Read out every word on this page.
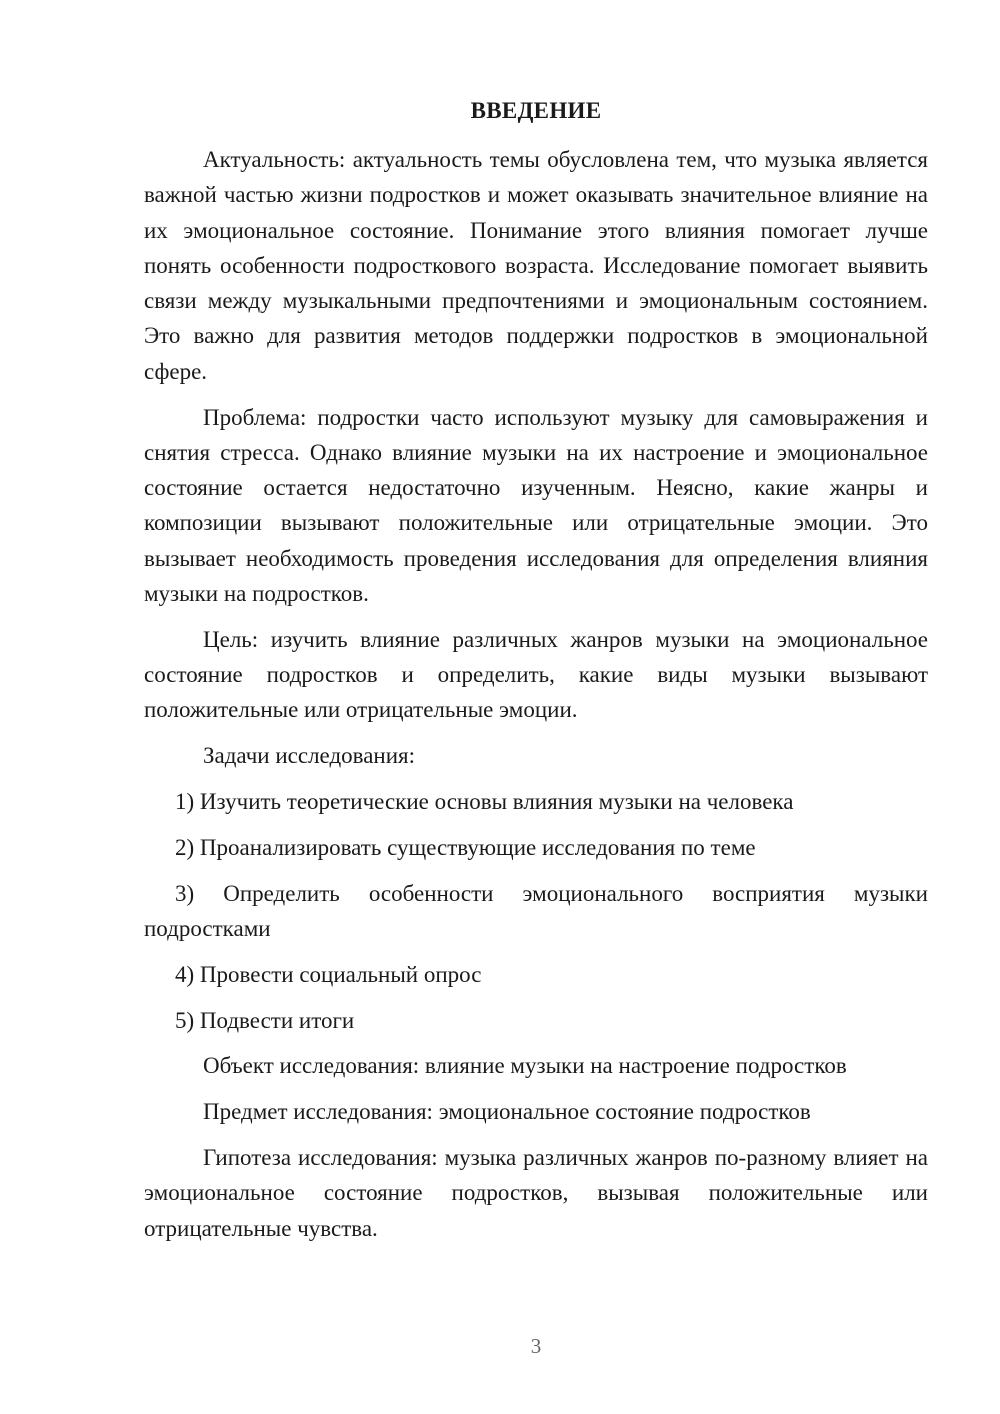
ВВЕДЕНИЕ

Актуальность: актуальность темы обусловлена тем, что музыка является важной частью жизни подростков и может оказывать значительное влияние на их эмоциональное состояние. Понимание этого влияния помогает лучше понять особенности подросткового возраста. Исследование помогает выявить связи между музыкальными предпочтениями и эмоциональным состоянием. Это важно для развития методов поддержки подростков в эмоциональной сфере.

Проблема: подростки часто используют музыку для самовыражения и снятия стресса. Однако влияние музыки на их настроение и эмоциональное состояние остается недостаточно изученным. Неясно, какие жанры и композиции вызывают положительные или отрицательные эмоции. Это вызывает необходимость проведения исследования для определения влияния музыки на подростков.

Цель: изучить влияние различных жанров музыки на эмоциональное состояние подростков и определить, какие виды музыки вызывают положительные или отрицательные эмоции.

Задачи исследования:

1) Изучить теоретические основы влияния музыки на человека

2) Проанализировать существующие исследования по теме

3) Определить особенности эмоционального восприятия музыки подростками

4) Провести социальный опрос

5) Подвести итоги

Объект исследования: влияние музыки на настроение подростков

Предмет исследования: эмоциональное состояние подростков

Гипотеза исследования: музыка различных жанров по-разному влияет на эмоциональное состояние подростков, вызывая положительные или отрицательные чувства.

3
